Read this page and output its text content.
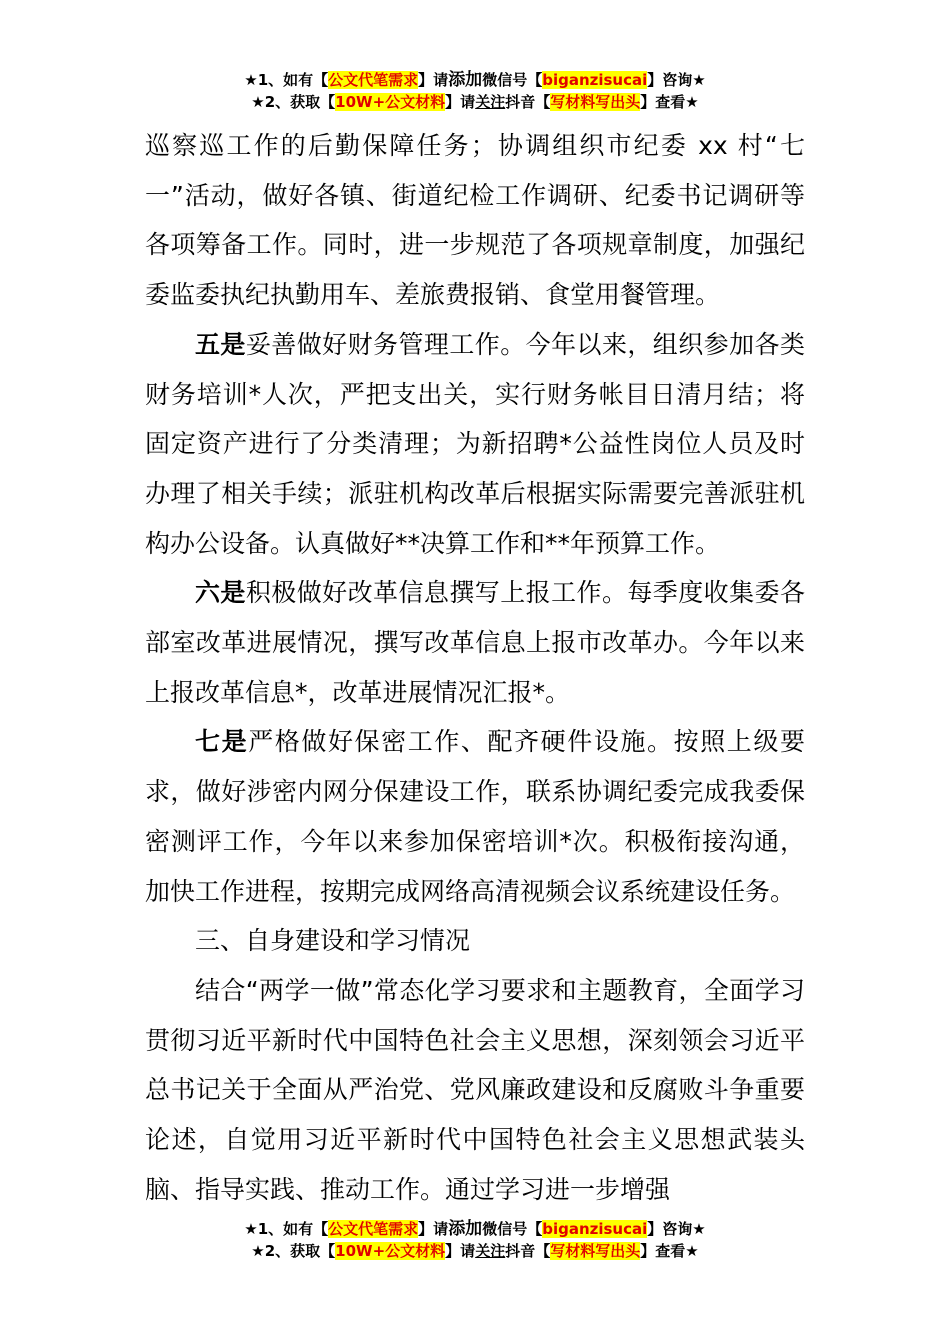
★1、如有【公文代笔需求】请添加微信号【biganzisucai】咨询★
★2、获取【10W+公文材料】请关注抖音【写材料写出头】查看★

巡察巡工作的后勤保障任务；协调组织市纪委 xx 村“七一”活动，做好各镇、街道纪检工作调研、纪委书记调研等各项筹备工作。同时，进一步规范了各项规章制度，加强纪委监委执纪执勤用车、差旅费报销、食堂用餐管理。

五是妥善做好财务管理工作。今年以来，组织参加各类财务培训*人次，严把支出关，实行财务帐目日清月结；将固定资产进行了分类清理；为新招聘*公益性岗位人员及时办理了相关手续；派驻机构改革后根据实际需要完善派驻机构办公设备。认真做好**决算工作和**年预算工作。

六是积极做好改革信息撰写上报工作。每季度收集委各部室改革进展情况，撰写改革信息上报市改革办。今年以来上报改革信息*，改革进展情况汇报*。

七是严格做好保密工作、配齐硬件设施。按照上级要求，做好涉密内网分保建设工作，联系协调纪委完成我委保密测评工作，今年以来参加保密培训*次。积极衔接沟通，加快工作进程，按期完成网络高清视频会议系统建设任务。

三、自身建设和学习情况

结合“两学一做”常态化学习要求和主题教育，全面学习贯彻习近平新时代中国特色社会主义思想，深刻领会习近平总书记关于全面从严治党、党风廉政建设和反腐败斗争重要论述，自觉用习近平新时代中国特色社会主义思想武装头脑、指导实践、推动工作。通过学习进一步增强

★1、如有【公文代笔需求】请添加微信号【biganzisucai】咨询★
★2、获取【10W+公文材料】请关注抖音【写材料写出头】查看★
